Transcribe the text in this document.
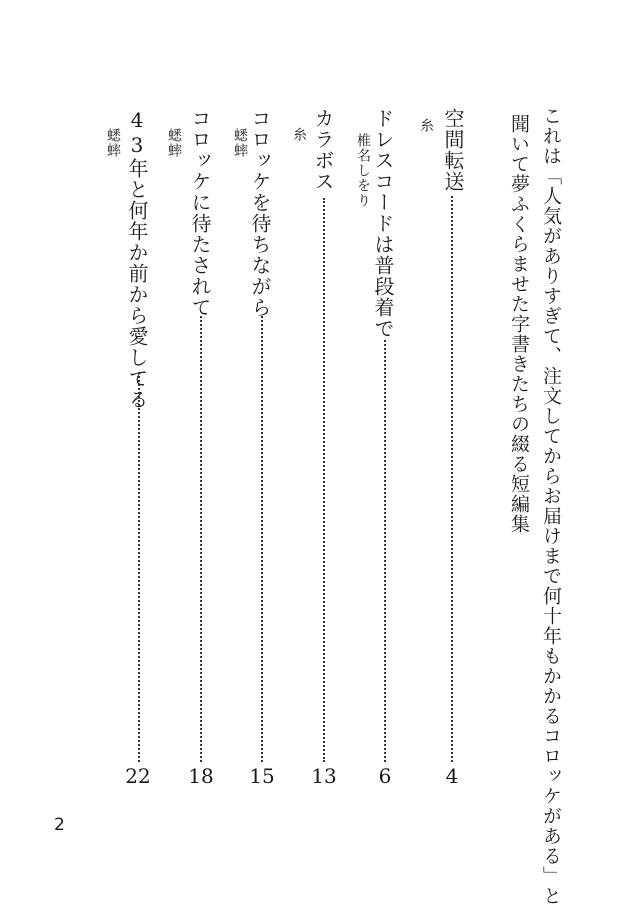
これは「人気がありすぎて、注文してからお届けまで何十年もかかるコロッケがある」と
聞いて夢ふくらませた字書きたちの綴る短編集
空間転送
糸
4
ドレスコードは普段着で
椎名しをり
6
カラボス
糸
13
コロッケを待ちながら
蟋蟀
15
コロッケに待たされて
蟋蟀
18
43年と何年か前から愛してる
蟋蟀
22
2
